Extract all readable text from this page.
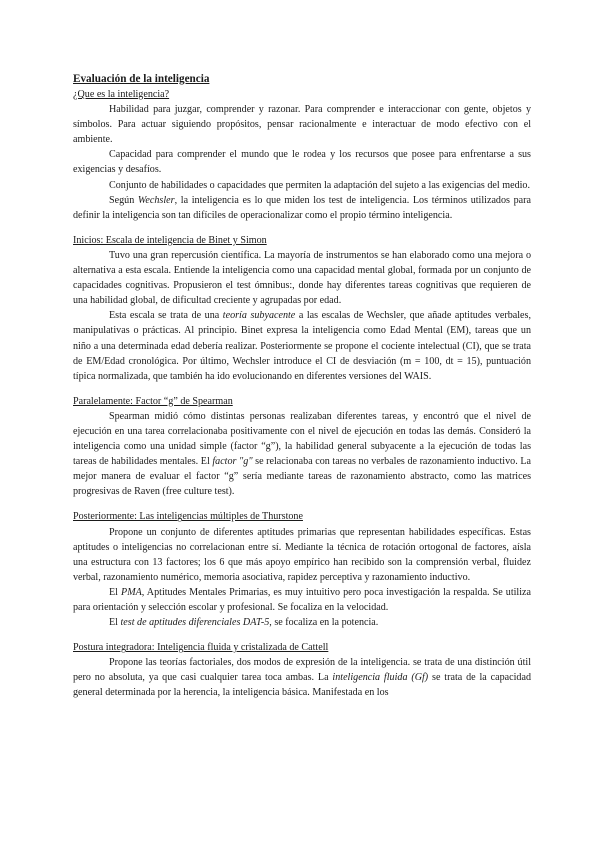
Evaluación de la inteligencia
¿Que es la inteligencia?

Habilidad para juzgar, comprender y razonar. Para comprender e interaccionar con gente, objetos y símbolos. Para actuar siguiendo propósitos, pensar racionalmente e interactuar de modo efectivo con el ambiente.

Capacidad para comprender el mundo que le rodea y los recursos que posee para enfrentarse a sus exigencias y desafíos.

Conjunto de habilidades o capacidades que permiten la adaptación del sujeto a las exigencias del medio.

Según Wechsler, la inteligencia es lo que miden los test de inteligencia. Los términos utilizados para definir la inteligencia son tan difíciles de operacionalizar como el propio término inteligencia.

Inicios: Escala de inteligencia de Binet y Simon

Tuvo una gran repercusión científica. La mayoría de instrumentos se han elaborado como una mejora o alternativa a esta escala. Entiende la inteligencia como una capacidad mental global, formada por un conjunto de capacidades cognitivas. Propusieron el test ómnibus:, donde hay diferentes tareas cognitivas que requieren de una habilidad global, de dificultad creciente y agrupadas por edad.

Esta escala se trata de una teoría subyacente a las escalas de Wechsler, que añade aptitudes verbales, manipulativas o prácticas. Al principio. Binet expresa la inteligencia como Edad Mental (EM), tareas que un niño a una determinada edad debería realizar. Posteriormente se propone el cociente intelectual (CI), que se trata de EM/Edad cronológica. Por último, Wechsler introduce el CI de desviación (m = 100, dt = 15), puntuación típica normalizada, que también ha ido evolucionando en diferentes versiones del WAIS.

Paralelamente: Factor “g” de Spearman

Spearman midió cómo distintas personas realizaban diferentes tareas, y encontró que el nivel de ejecución en una tarea correlacionaba positivamente con el nivel de ejecución en todas las demás. Consideró la inteligencia como una unidad simple (factor “g”), la habilidad general subyacente a la ejecución de todas las tareas de habilidades mentales. El factor "g" se relacionaba con tareas no verbales de razonamiento inductivo. La mejor manera de evaluar el factor “g” sería mediante tareas de razonamiento abstracto, como las matrices progresivas de Raven (free culture test).

Posteriormente: Las inteligencias múltiples de Thurstone

Propone un conjunto de diferentes aptitudes primarias que representan habilidades específicas. Estas aptitudes o inteligencias no correlacionan entre sí. Mediante la técnica de rotación ortogonal de factores, aísla una estructura con 13 factores; los 6 que más apoyo empírico han recibido son la comprensión verbal, fluidez verbal, razonamiento numérico, memoria asociativa, rapidez perceptiva y razonamiento inductivo.

El PMA, Aptitudes Mentales Primarias, es muy intuitivo pero poca investigación la respalda. Se utiliza para orientación y selección escolar y profesional. Se focaliza en la velocidad.

El test de aptitudes diferenciales DAT-5, se focaliza en la potencia.

Postura integradora: Inteligencia fluida y cristalizada de Cattell

Propone las teorías factoriales, dos modos de expresión de la inteligencia. se trata de una distinción útil pero no absoluta, ya que casi cualquier tarea toca ambas. La inteligencia fluida (Gf) se trata de la capacidad general determinada por la herencia, la inteligencia básica. Manifestada en los
